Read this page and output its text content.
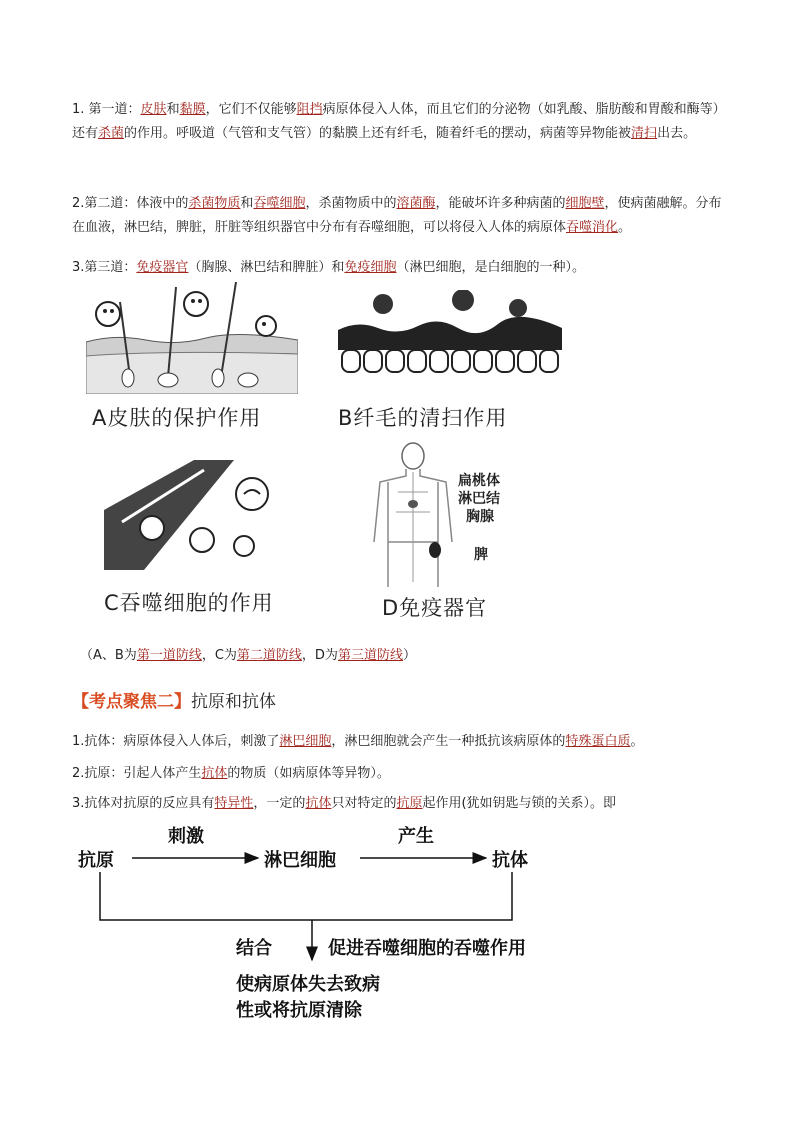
1. 第一道：皮肤和黏膜，它们不仅能够阻挡病原体侵入人体，而且它们的分泌物（如乳酸、脂肪酸和胃酸和酶等）还有杀菌的作用。呼吸道（气管和支气管）的黏膜上还有纤毛，随着纤毛的摆动，病菌等异物能被清扫出去。
2.第二道：体液中的杀菌物质和吞噬细胞，杀菌物质中的溶菌酶，能破坏许多种病菌的细胞壁，使病菌融解。分布在血液，淋巴结，脾脏，肝脏等组织器官中分布有吞噬细胞，可以将侵入人体的病原体吞噬消化。
3.第三道：免疫器官（胸腺、淋巴结和脾脏）和免疫细胞（淋巴细胞，是白细胞的一种）。
A皮肤的保护作用	B纤毛的清扫作用
C吞噬细胞的作用
扁桃体
淋巴结
胸腺
脾
D免疫器官
（A、B为第一道防线，C为第二道防线，D为第三道防线）
【考点聚焦二】抗原和抗体
1.抗体：病原体侵入人体后，刺激了淋巴细胞，淋巴细胞就会产生一种抵抗该病原体的特殊蛋白质。
2.抗原：引起人体产生抗体的物质（如病原体等异物）。
3.抗体对抗原的反应具有特异性，一定的抗体只对特定的抗原起作用(犹如钥匙与锁的关系）。即
抗原
刺激
淋巴细胞
产生
抗体
结合	促进吞噬细胞的吞噬作用
使病原体失去致病
性或将抗原清除
